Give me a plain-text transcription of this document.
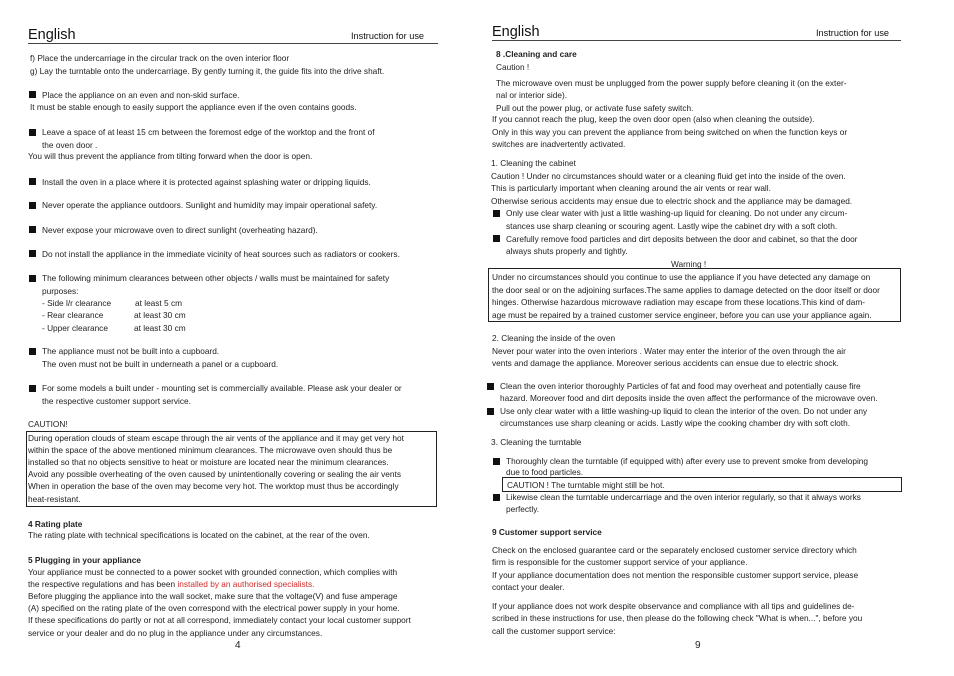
English	Instruction for use
f) Place the undercarriage in the circular track on the oven interior floor
g) Lay the turntable onto the undercarriage. By gently turning it, the guide fits into the drive shaft.
Place the appliance on an even and non-skid surface.
It must be stable enough to easily support the appliance even if the oven contains goods.
Leave a space of at least 15 cm between the foremost edge of the worktop and the front of
the oven door .
You will thus prevent the appliance from tilting forward when the door is open.
Install the oven in a place where it is protected against splashing water or dripping liquids.
Never operate the appliance outdoors. Sunlight and humidity may impair operational safety.
Never expose your microwave oven to direct sunlight (overheating hazard).
Do not install the appliance in the immediate vicinity of heat sources such as radiators or cookers.
The following minimum clearances between other objects / walls must be maintained for safety
purposes:
- Side l/r clearance	at least 5 cm
- Rear clearance	at least 30 cm
- Upper clearance	at least 30 cm
The appliance must not be built into a cupboard.
The oven must not be built in underneath a panel or a cupboard.
For some models a built under - mounting set is commercially available. Please ask your dealer or
the respective customer support service.
CAUTION!
During operation clouds of steam escape through the air vents of the appliance and it may get very hot
within the space of the above mentioned minimum clearances. The microwave oven should thus be
installed so that no objects sensitive to heat or moisture are located near the minimum clearances.
Avoid any possible overheating of the oven caused by unintentionally covering or sealing the air vents
When in operation the base of the oven may become very hot. The worktop must thus be accordingly
heat-resistant.
4 Rating plate
The rating plate with technical specifications is located on the cabinet, at the rear of the oven.
5 Plugging in your appliance
Your appliance must be connected to a power socket with grounded connection, which complies with
the respective regulations and has been installed by an authorised specialists.
Before plugging the appliance into the wall socket, make sure that the voltage(V) and fuse amperage
(A) specified on the rating plate of the oven correspond with the electrical power supply in your home.
If these specifications do partly or not at all correspond, immediately contact your local customer support
service or your dealer and do no plug in the appliance under any circumstances.
4
English	Instruction for use
8 .Cleaning and care
Caution !
The microwave oven must be unplugged from the power supply before cleaning it (on the exter-
nal or interior side).
Pull out the power plug, or activate fuse safety switch.
If you cannot reach the plug, keep the oven door open (also when cleaning the outside).
Only in this way you can prevent the appliance from being switched on when the function keys or
switches are inadvertently activated.
1. Cleaning the cabinet
Caution ! Under no circumstances should water or a cleaning fluid get into the inside of the oven.
This is particularly important when cleaning around the air vents or rear wall.
Otherwise serious accidents may ensue due to electric shock and the appliance may be damaged.
Only use clear water with just a little washing-up liquid for cleaning. Do not under any circum-
stances use sharp cleaning or scouring agent. Lastly wipe the cabinet dry with a soft cloth.
Carefully remove food particles and dirt deposits between the door and cabinet, so that the door
always shuts properly and tightly.
Warning !
Under no circumstances should you continue to use the appliance if you have detected any damage on
the door seal or on the adjoining surfaces.The same applies to damage detected on the door itself or door
hinges. Otherwise hazardous microwave radiation may escape from these locations.This kind of dam-
age must be repaired by a trained customer service engineer, before you can use your appliance again.
2. Cleaning the inside of the oven
Never pour water into the oven interiors . Water may enter the interior of the oven through the air
vents and damage the appliance. Moreover serious accidents can ensue due to electric shock.
Clean the oven interior thoroughly Particles of fat and food may overheat and potentially cause fire
hazard. Moreover food and dirt deposits inside the oven affect the performance of the microwave oven.
Use only clear water with a little washing-up liquid to clean the interior of the oven. Do not under any
circumstances use sharp cleaning or acids. Lastly wipe the cooking chamber dry with soft cloth.
3. Cleaning the turntable
Thoroughly clean the turntable (if equipped with) after every use to prevent smoke from developing
due to food particles.
CAUTION ! The turntable might still be hot.
Likewise clean the turntable undercarriage and the oven interior regularly, so that it always works
perfectly.
9 Customer support service
Check on the enclosed guarantee card or the separately enclosed customer service directory which
firm is responsible for the customer support service of your appliance.
If your appliance documentation does not mention the responsible customer support service, please
contact your dealer.
If your appliance does not work despite observance and compliance with all tips and guidelines de-
scribed in these instructions for use, then please do the following check "What is when...", before you
call the customer support service:
9
